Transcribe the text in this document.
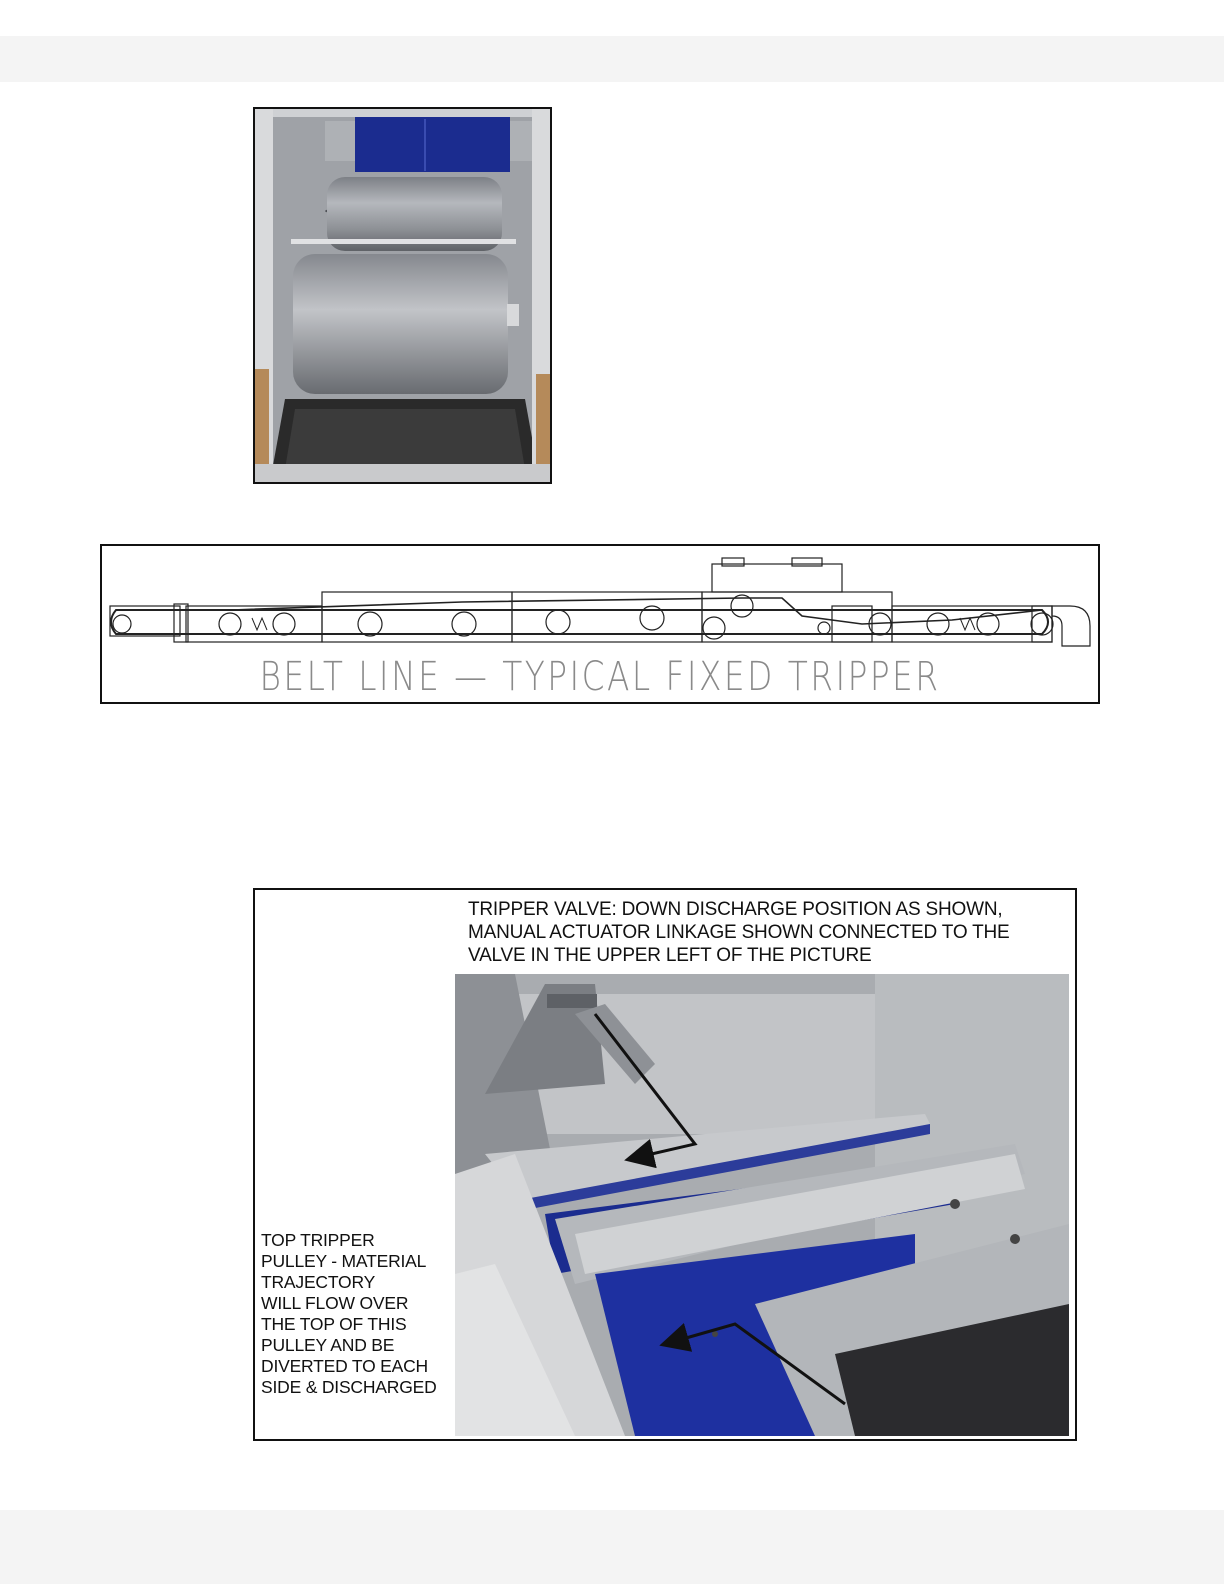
BELT LINE — TYPICAL FIXED TRIPPER
TRIPPER VALVE: DOWN DISCHARGE POSITION AS SHOWN,
MANUAL ACTUATOR LINKAGE SHOWN CONNECTED TO THE
VALVE IN THE UPPER LEFT OF THE PICTURE
TOP TRIPPER
PULLEY - MATERIAL
TRAJECTORY
WILL FLOW OVER
THE TOP OF THIS
PULLEY AND BE
DIVERTED TO EACH
SIDE & DISCHARGED
